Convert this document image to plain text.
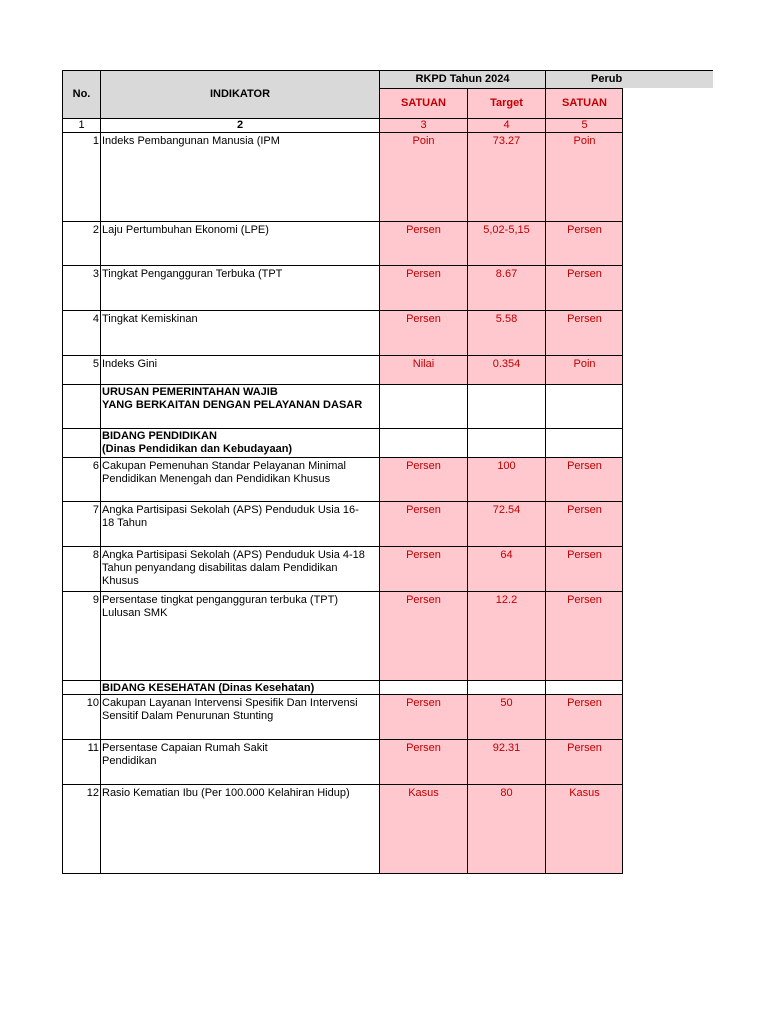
No.	INDIKATOR
RKPD Tahun 2024	Perub
SATUAN	Target	SATUAN
1	2	3	4	5
1 Indeks Pembangunan Manusia (IPM	Poin	73.27	Poin
2 Laju Pertumbuhan Ekonomi (LPE)	Persen	5,02-5,15	Persen
3 Tingkat Pengangguran Terbuka (TPT	Persen	8.67	Persen
4 Tingkat Kemiskinan	Persen	5.58	Persen
5 Indeks Gini	Nilai	0.354	Poin
URUSAN PEMERINTAHAN WAJIB
YANG BERKAITAN DENGAN PELAYANAN DASAR
BIDANG PENDIDIKAN
(Dinas Pendidikan dan Kebudayaan)
6 Cakupan Pemenuhan Standar Pelayanan Minimal
Pendidikan Menengah dan Pendidikan Khusus
Persen	100	Persen
7 Angka Partisipasi Sekolah (APS) Penduduk Usia 16-
18 Tahun
Persen	72.54	Persen
8 Angka Partisipasi Sekolah (APS) Penduduk Usia 4-18
Tahun penyandang disabilitas dalam Pendidikan
Khusus
Persen	64	Persen
9 Persentase tingkat pengangguran terbuka (TPT)
Lulusan SMK
Persen	12.2	Persen
BIDANG KESEHATAN (Dinas Kesehatan)
10 Cakupan Layanan Intervensi Spesifik Dan Intervensi
Sensitif Dalam Penurunan Stunting
Persen	50	Persen
11 Persentase Capaian Rumah Sakit
Pendidikan
Persen	92.31	Persen
12 Rasio Kematian Ibu (Per 100.000 Kelahiran Hidup)	Kasus	80	Kasus
